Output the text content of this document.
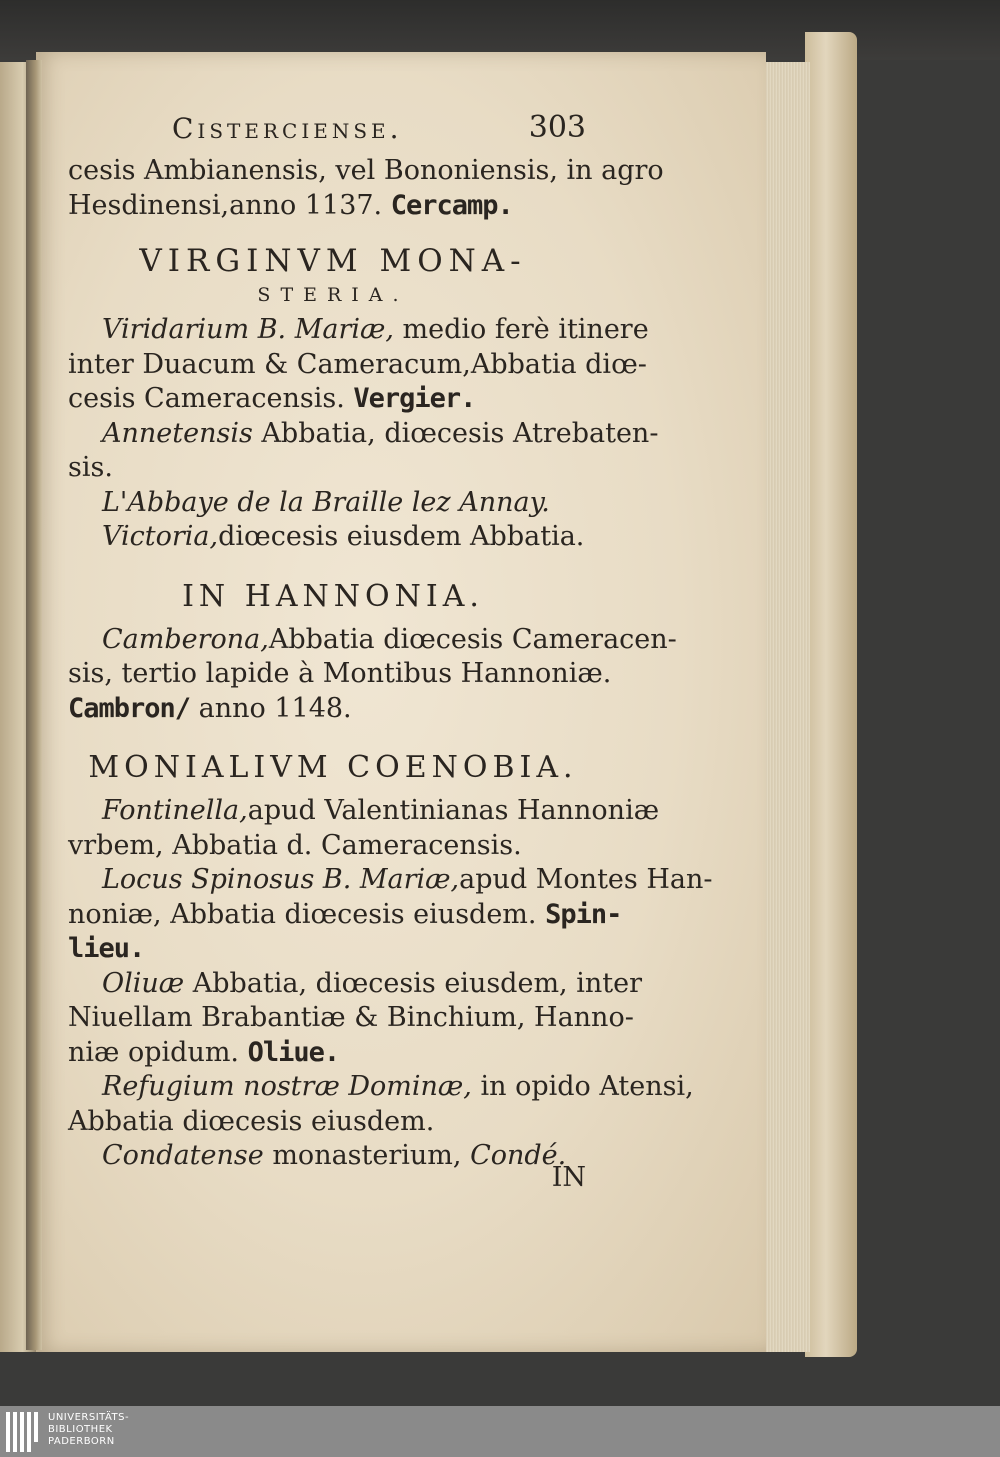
Cisterciense.	303
cesis Ambianensis, vel Bononiensis, in agro
Hesdinensi,anno 1137. Cercamp.
VIRGINVM MONA-
STERIA.
Viridarium B. Mariæ, medio ferè itinere
inter Duacum & Cameracum,Abbatia diœ-
cesis Cameracensis. Vergier.
Annetensis Abbatia, diœcesis Atrebaten-
sis.
L'Abbaye de la Braille lez Annay.
Victoria,diœcesis eiusdem Abbatia.
IN HANNONIA.
Camberona,Abbatia diœcesis Cameracen-
sis, tertio lapide à Montibus Hannoniæ.
Cambron/ anno 1148.
MONIALIVM COENOBIA.
Fontinella,apud Valentinianas Hannoniæ
vrbem, Abbatia d. Cameracensis.
Locus Spinosus B. Mariæ,apud Montes Han-
noniæ, Abbatia diœcesis eiusdem. Spin-
lieu.
Oliuæ Abbatia, diœcesis eiusdem, inter
Niuellam Brabantiæ & Binchium, Hanno-
niæ opidum. Oliue.
Refugium nostræ Dominæ, in opido Atensi,
Abbatia diœcesis eiusdem.
Condatense monasterium, Condé.
IN
UNIVERSITÄTS-
BIBLIOTHEK
PADERBORN
